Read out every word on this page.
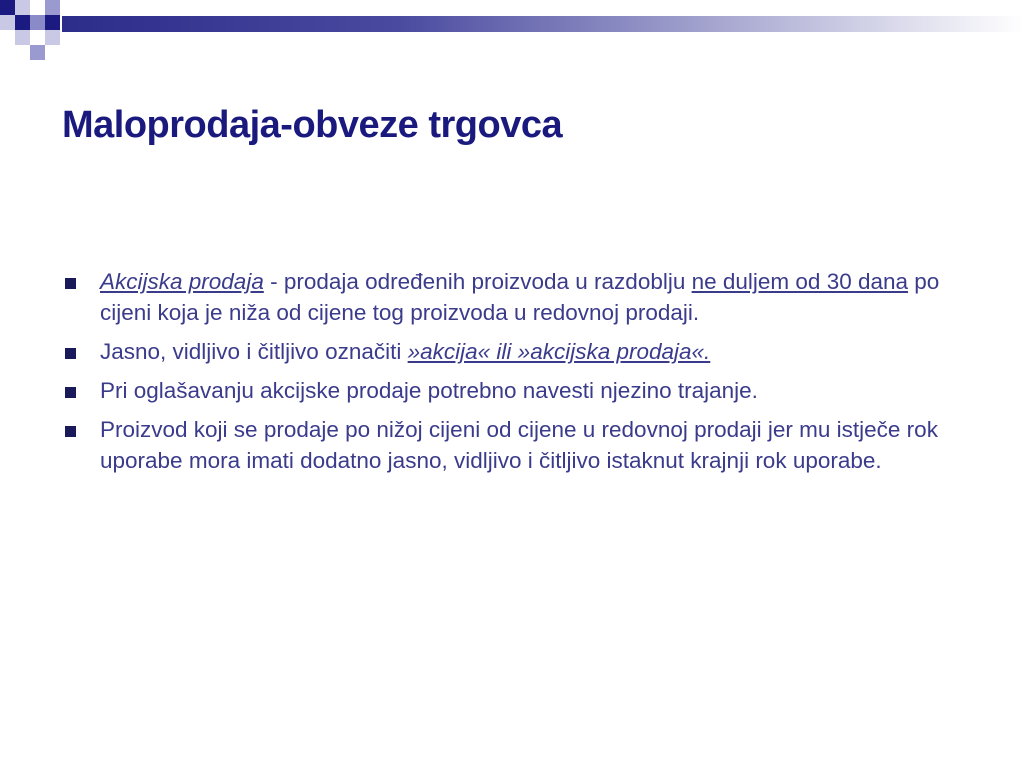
Maloprodaja-obveze trgovca
Akcijska prodaja - prodaja određenih proizvoda u razdoblju ne duljem od 30 dana po cijeni koja je niža od cijene tog proizvoda u redovnoj prodaji.
Jasno, vidljivo i čitljivo označiti »akcija« ili »akcijska prodaja«.
Pri oglašavanju akcijske prodaje potrebno navesti njezino trajanje.
Proizvod koji se prodaje po nižoj cijeni od cijene u redovnoj prodaji jer mu istječe rok uporabe mora imati dodatno jasno, vidljivo i čitljivo istaknut krajnji rok uporabe.
